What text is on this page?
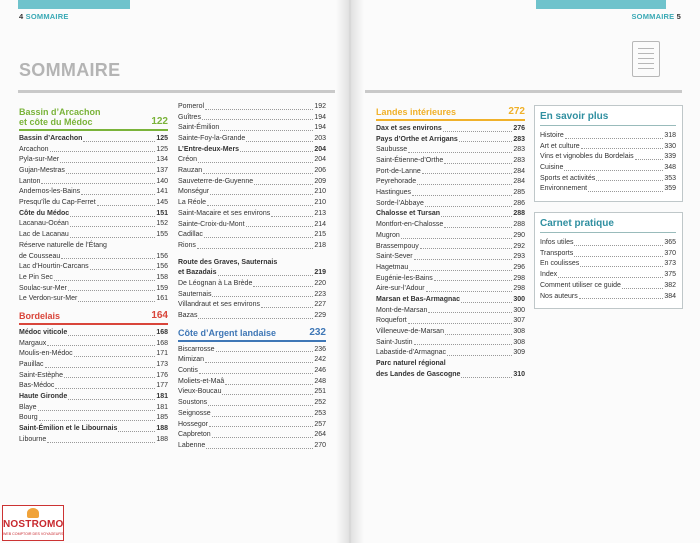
4 SOMMAIRE	SOMMAIRE 5
SOMMAIRE
Bassin d’Arcachon
et côte du Médoc	122
Bassin d’Arcachon	125
Arcachon	125
Pyla-sur-Mer	134
Gujan-Mestras	137
Lanton	140
Andernos-les-Bains	141
Presqu’île du Cap-Ferret	145
Côte du Médoc	151
Lacanau-Océan	152
Lac de Lacanau	155
Réserve naturelle de l’Étang
de Cousseau	156
Lac d’Hourtin-Carcans	156
Le Pin Sec	158
Soulac-sur-Mer	159
Le Verdon-sur-Mer	161
Bordelais	164
Médoc viticole	168
Margaux	168
Moulis-en-Médoc	171
Pauillac	173
Saint-Estèphe	176
Bas-Médoc	177
Haute Gironde	181
Blaye	181
Bourg	185
Saint-Émilion et le Libournais	188
Libourne	188
Pomerol	192
Guîtres	194
Saint-Émilion	194
Sainte-Foy-la-Grande	203
L’Entre-deux-Mers	204
Créon	204
Rauzan	206
Sauveterre-de-Guyenne	209
Monségur	210
La Réole	210
Saint-Macaire et ses environs	213
Sainte-Croix-du-Mont	214
Cadillac	215
Rions	218
Route des Graves, Sauternais
et Bazadais	219
De Léognan à La Brède	220
Sauternais	223
Villandraut et ses environs	227
Bazas	229
Côte d’Argent landaise	232
Biscarrosse	236
Mimizan	242
Contis	246
Moliets-et-Maâ	248
Vieux-Boucau	251
Soustons	252
Seignosse	253
Hossegor	257
Capbreton	264
Labenne	270
Landes intérieures	272
Dax et ses environs	276
Pays d’Orthe et Arrigans	283
Saubusse	283
Saint-Étienne-d’Orthe	283
Port-de-Lanne	284
Peyrehorade	284
Hastingues	285
Sorde-l’Abbaye	286
Chalosse et Tursan	288
Montfort-en-Chalosse	288
Mugron	290
Brassempouy	292
Saint-Sever	293
Hagetmau	296
Eugénie-les-Bains	298
Aire-sur-l’Adour	298
Marsan et Bas-Armagnac	300
Mont-de-Marsan	300
Roquefort	307
Villeneuve-de-Marsan	308
Saint-Justin	308
Labastide-d’Armagnac	309
Parc naturel régional
des Landes de Gascogne	310
En savoir plus
Histoire	318
Art et culture	330
Vins et vignobles du Bordelais	339
Cuisine	348
Sports et activités	353
Environnement	359
Carnet pratique
Infos utiles	365
Transports	370
En coulisses	373
Index	375
Comment utiliser ce guide	382
Nos auteurs	384
NOSTROMO
WEB COMPTOIR DES VOYAGEURS
